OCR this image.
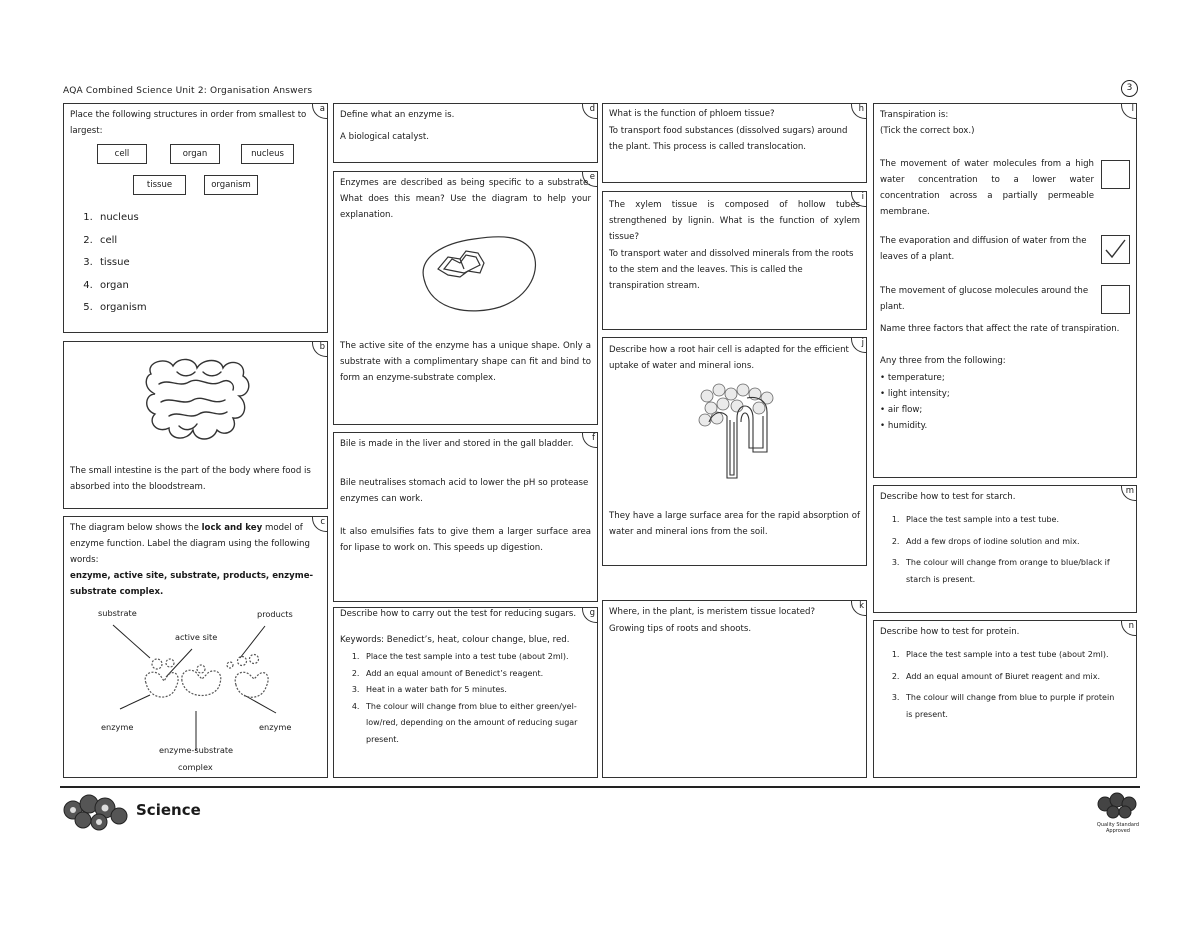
AQA Combined Science Unit 2: Organisation Answers	3
a
Place the following structures in order from smallest to largest:
cell	organ	nucleus
tissue	organism
1. nucleus
2. cell
3. tissue
4. organ
5. organism
b
The small intestine is the part of the body where food is absorbed into the bloodstream.
c
The diagram below shows the lock and key model of enzyme function. Label the diagram using the following words:
enzyme, active site, substrate, products, enzyme-substrate complex.
substrate	products
active site
enzyme	enzyme
enzyme-substrate
complex
d
Define what an enzyme is.
A biological catalyst.
e
Enzymes are described as being specific to a substrate. What does this mean? Use the diagram to help your explanation.
The active site of the enzyme has a unique shape. Only a substrate with a complimentary shape can fit and bind to form an enzyme-substrate complex.
f
Bile is made in the liver and stored in the gall bladder.
Bile neutralises stomach acid to lower the pH so protease enzymes can work.
It also emulsifies fats to give them a larger surface area for lipase to work on. This speeds up digestion.
g
Describe how to carry out the test for reducing sugars.
Keywords: Benedict’s, heat, colour change, blue, red.
1. Place the test sample into a test tube (about 2ml).
2. Add an equal amount of Benedict’s reagent.
3. Heat in a water bath for 5 minutes.
4. The colour will change from blue to either green/yel-low/red, depending on the amount of reducing sugar present.
h
What is the function of phloem tissue?
To transport food substances (dissolved sugars) around the plant. This process is called translocation.
i
The xylem tissue is composed of hollow tubes strengthened by lignin. What is the function of xylem tissue?
To transport water and dissolved minerals from the roots to the stem and the leaves. This is called the transpiration stream.
j
Describe how a root hair cell is adapted for the efficient uptake of water and mineral ions.
They have a large surface area for the rapid absorption of water and mineral ions from the soil.
k
Where, in the plant, is meristem tissue located?
Growing tips of roots and shoots.
l
Transpiration is:
(Tick the correct box.)
The movement of water molecules from a high water concentration to a lower water concentration across a partially permeable membrane.
The evaporation and diffusion of water from the leaves of a plant.
The movement of glucose molecules around the plant.
Name three factors that affect the rate of transpiration.
Any three from the following:
• temperature;
• light intensity;
• air flow;
• humidity.
m
Describe how to test for starch.
1. Place the test sample into a test tube.
2. Add a few drops of iodine solution and mix.
3. The colour will change from orange to blue/black if starch is present.
n
Describe how to test for protein.
1. Place the test sample into a test tube (about 2ml).
2. Add an equal amount of Biuret reagent and mix.
3. The colour will change from blue to purple if protein is present.
Science
Quality Standard
Approved
